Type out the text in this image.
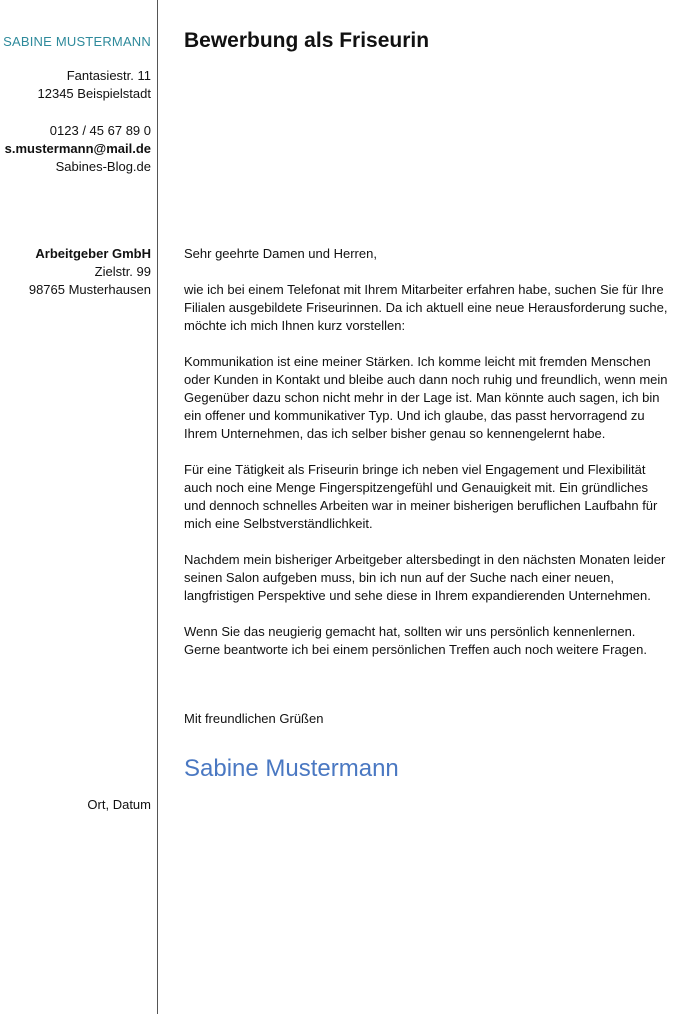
SABINE MUSTERMANN
Fantasiestr. 11
12345 Beispielstadt
0123 / 45 67 89 0
s.mustermann@mail.de
Sabines-Blog.de
Arbeitgeber GmbH
Zielstr. 99
98765 Musterhausen
Ort, Datum
Bewerbung als Friseurin
Sehr geehrte Damen und Herren,

wie ich bei einem Telefonat mit Ihrem Mitarbeiter erfahren habe, suchen Sie für Ihre Filialen ausgebildete Friseurinnen. Da ich aktuell eine neue Herausforderung suche, möchte ich mich Ihnen kurz vorstellen:

Kommunikation ist eine meiner Stärken. Ich komme leicht mit fremden Menschen oder Kunden in Kontakt und bleibe auch dann noch ruhig und freundlich, wenn mein Gegenüber dazu schon nicht mehr in der Lage ist. Man könnte auch sagen, ich bin ein offener und kommunikativer Typ. Und ich glaube, das passt hervorragend zu Ihrem Unternehmen, das ich selber bisher genau so kennengelernt habe.

Für eine Tätigkeit als Friseurin bringe ich neben viel Engagement und Flexibilität auch noch eine Menge Fingerspitzengefühl und Genauigkeit mit. Ein gründliches und dennoch schnelles Arbeiten war in meiner bisherigen beruflichen Laufbahn für mich eine Selbstverständlichkeit.

Nachdem mein bisheriger Arbeitgeber altersbedingt in den nächsten Monaten leider seinen Salon aufgeben muss, bin ich nun auf der Suche nach einer neuen, langfristigen Perspektive und sehe diese in Ihrem expandierenden Unternehmen.

Wenn Sie das neugierig gemacht hat, sollten wir uns persönlich kennenlernen. Gerne beantworte ich bei einem persönlichen Treffen auch noch weitere Fragen.

Mit freundlichen Grüßen
Sabine Mustermann
